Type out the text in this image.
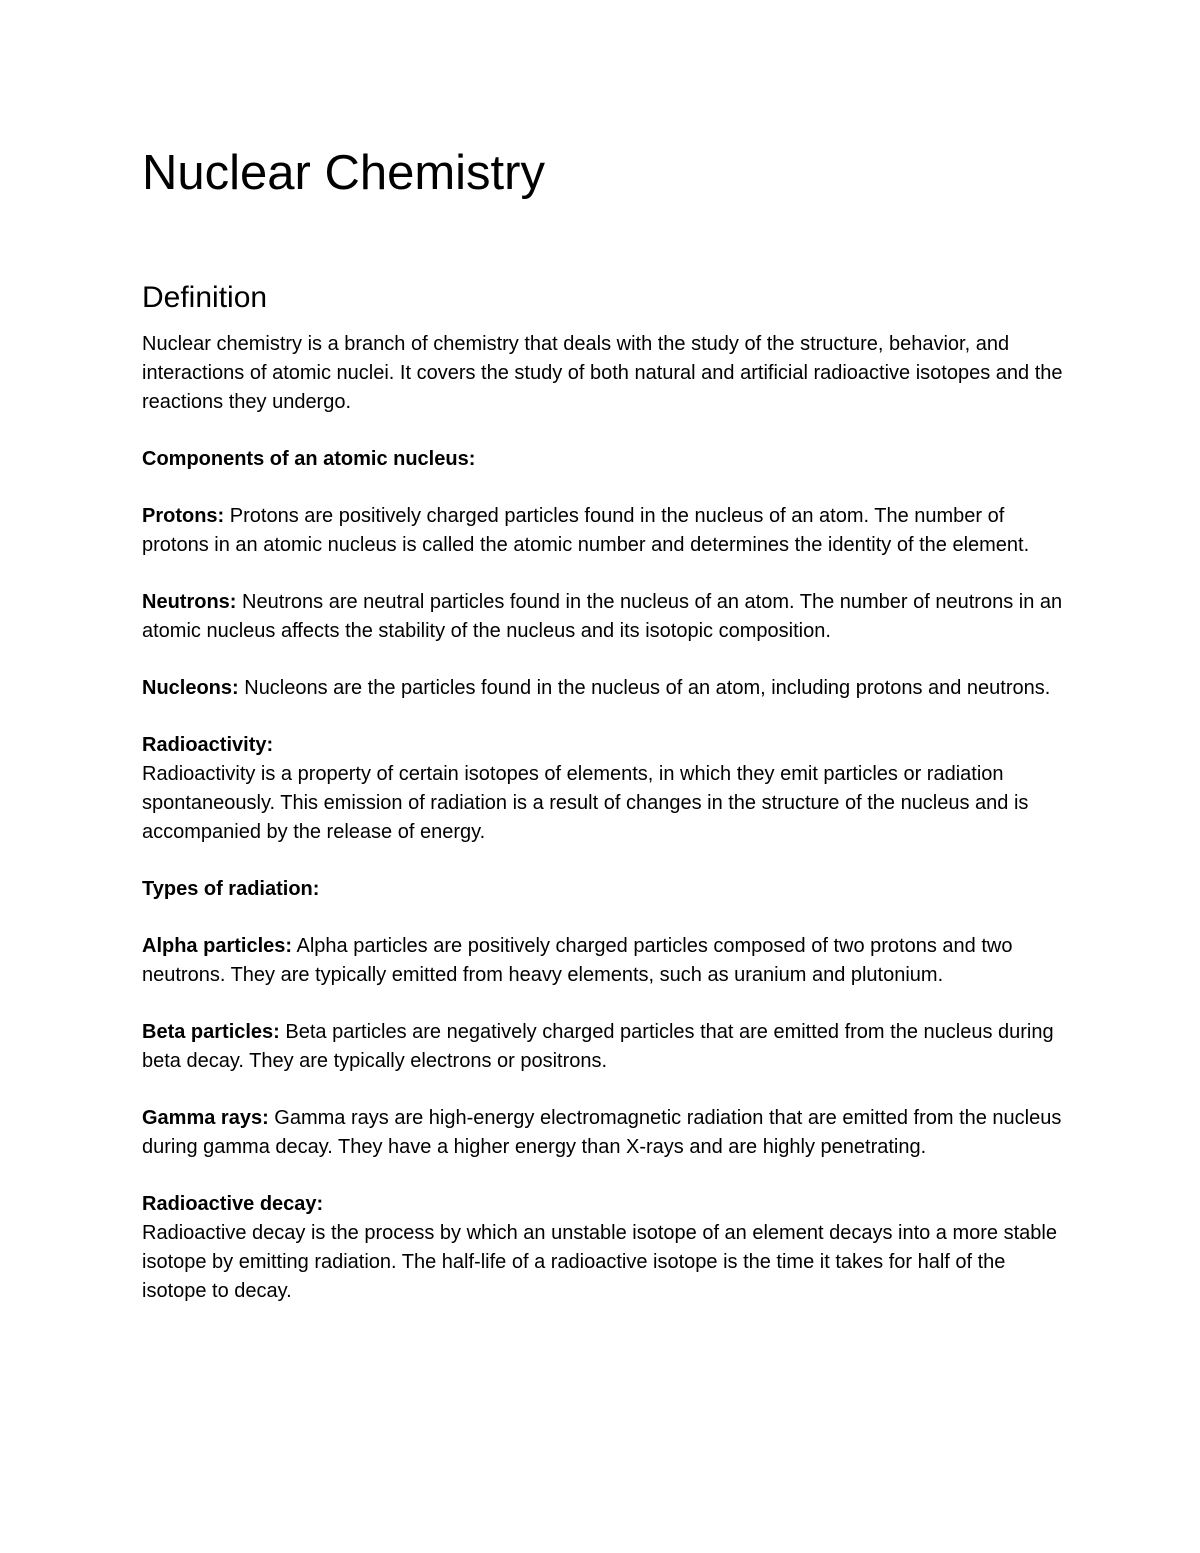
Nuclear Chemistry
Definition

Nuclear chemistry is a branch of chemistry that deals with the study of the structure, behavior, and interactions of atomic nuclei. It covers the study of both natural and artificial radioactive isotopes and the reactions they undergo.

Components of an atomic nucleus:

Protons: Protons are positively charged particles found in the nucleus of an atom. The number of protons in an atomic nucleus is called the atomic number and determines the identity of the element.

Neutrons: Neutrons are neutral particles found in the nucleus of an atom. The number of neutrons in an atomic nucleus affects the stability of the nucleus and its isotopic composition.

Nucleons: Nucleons are the particles found in the nucleus of an atom, including protons and neutrons.

Radioactivity:
Radioactivity is a property of certain isotopes of elements, in which they emit particles or radiation spontaneously. This emission of radiation is a result of changes in the structure of the nucleus and is accompanied by the release of energy.

Types of radiation:

Alpha particles: Alpha particles are positively charged particles composed of two protons and two neutrons. They are typically emitted from heavy elements, such as uranium and plutonium.

Beta particles: Beta particles are negatively charged particles that are emitted from the nucleus during beta decay. They are typically electrons or positrons.

Gamma rays: Gamma rays are high-energy electromagnetic radiation that are emitted from the nucleus during gamma decay. They have a higher energy than X-rays and are highly penetrating.

Radioactive decay:
Radioactive decay is the process by which an unstable isotope of an element decays into a more stable isotope by emitting radiation. The half-life of a radioactive isotope is the time it takes for half of the isotope to decay.
